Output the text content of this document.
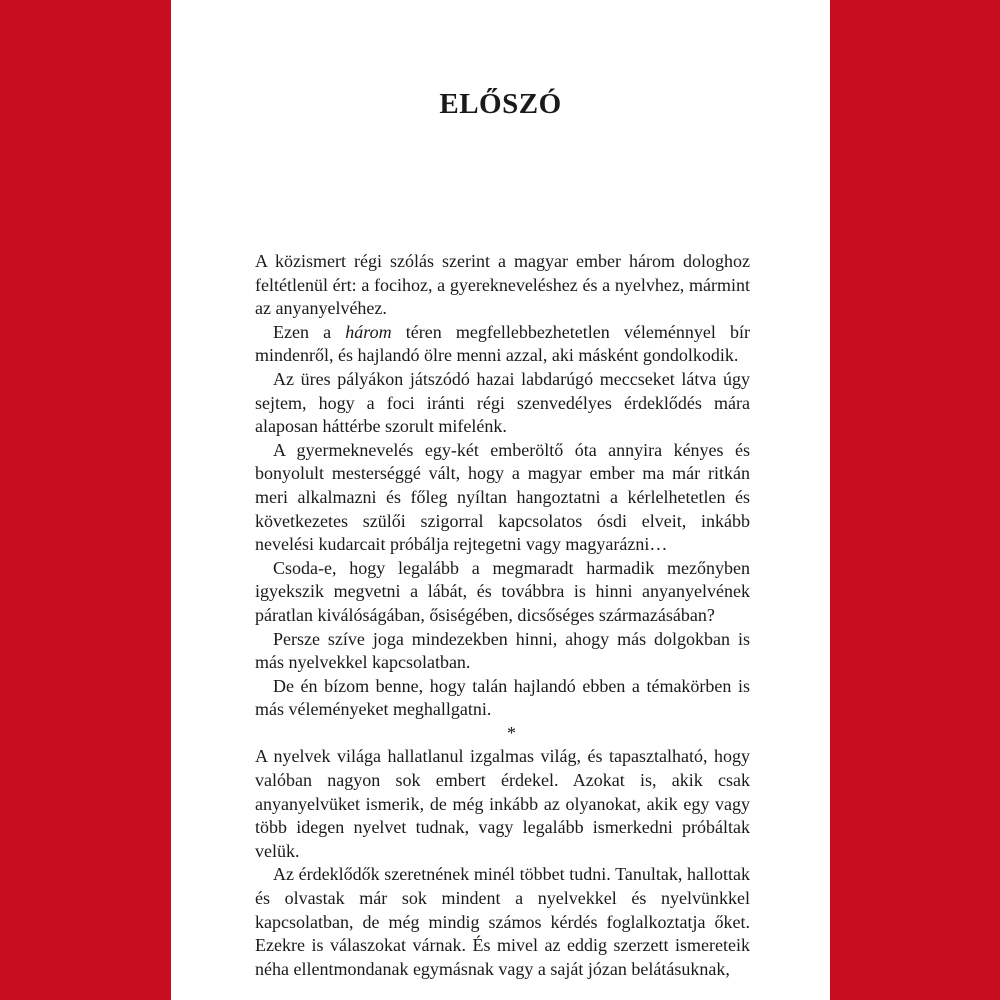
ELŐSZÓ

A közismert régi szólás szerint a magyar ember három dologhoz feltétlenül ért: a focihoz, a gyerekneveléshez és a nyelvhez, mármint az anyanyelvéhez.

Ezen a három téren megfellebbezhetetlen véleménnyel bír mindenről, és hajlandó ölre menni azzal, aki másként gondolkodik.

Az üres pályákon játszódó hazai labdarúgó meccseket látva úgy sejtem, hogy a foci iránti régi szenvedélyes érdeklődés mára alaposan háttérbe szorult mifelénk.

A gyermeknevelés egy-két emberöltő óta annyira kényes és bonyolult mesterséggé vált, hogy a magyar ember ma már ritkán meri alkalmazni és főleg nyíltan hangoztatni a kérlelhetetlen és következetes szülői szigorral kapcsolatos ósdi elveit, inkább nevelési kudarcait próbálja rejtegetni vagy magyarázni…

Csoda-e, hogy legalább a megmaradt harmadik mezőnyben igyekszik megvetni a lábát, és továbbra is hinni anyanyelvének páratlan kiválóságában, ősiségében, dicsőséges származásában?

Persze szíve joga mindezekben hinni, ahogy más dolgokban is más nyelvekkel kapcsolatban.

De én bízom benne, hogy talán hajlandó ebben a témakörben is más véleményeket meghallgatni.

*

A nyelvek világa hallatlanul izgalmas világ, és tapasztalható, hogy valóban nagyon sok embert érdekel. Azokat is, akik csak anyanyelvüket ismerik, de még inkább az olyanokat, akik egy vagy több idegen nyelvet tudnak, vagy legalább ismerkedni próbáltak velük.

Az érdeklődők szeretnének minél többet tudni. Tanultak, hallottak és olvastak már sok mindent a nyelvekkel és nyelvünkkel kapcsolatban, de még mindig számos kérdés foglalkoztatja őket. Ezekre is válaszokat várnak. És mivel az eddig szerzett ismereteik néha ellentmondanak egymásnak vagy a saját józan belátásuknak,
